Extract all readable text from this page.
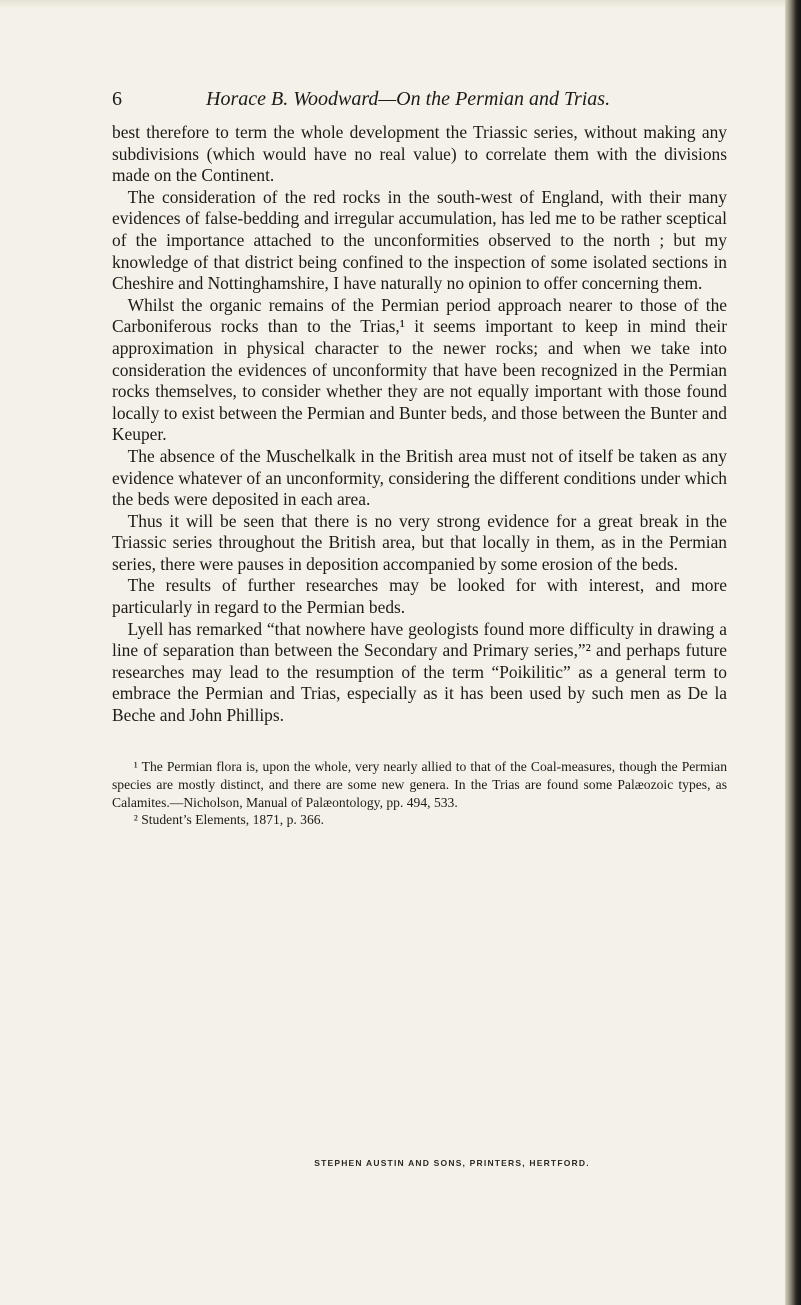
6	Horace B. Woodward—On the Permian and Trias.

best therefore to term the whole development the Triassic series, without making any subdivisions (which would have no real value) to correlate them with the divisions made on the Continent.

The consideration of the red rocks in the south-west of England, with their many evidences of false-bedding and irregular accumulation, has led me to be rather sceptical of the importance attached to the unconformities observed to the north ; but my knowledge of that district being confined to the inspection of some isolated sections in Cheshire and Nottinghamshire, I have naturally no opinion to offer concerning them.

Whilst the organic remains of the Permian period approach nearer to those of the Carboniferous rocks than to the Trias,¹ it seems important to keep in mind their approximation in physical character to the newer rocks; and when we take into consideration the evidences of unconformity that have been recognized in the Permian rocks themselves, to consider whether they are not equally important with those found locally to exist between the Permian and Bunter beds, and those between the Bunter and Keuper.

The absence of the Muschelkalk in the British area must not of itself be taken as any evidence whatever of an unconformity, considering the different conditions under which the beds were deposited in each area.

Thus it will be seen that there is no very strong evidence for a great break in the Triassic series throughout the British area, but that locally in them, as in the Permian series, there were pauses in deposition accompanied by some erosion of the beds.

The results of further researches may be looked for with interest, and more particularly in regard to the Permian beds.

Lyell has remarked “that nowhere have geologists found more difficulty in drawing a line of separation than between the Secondary and Primary series,”² and perhaps future researches may lead to the resumption of the term “Poikilitic” as a general term to embrace the Permian and Trias, especially as it has been used by such men as De la Beche and John Phillips.

¹ The Permian flora is, upon the whole, very nearly allied to that of the Coal-measures, though the Permian species are mostly distinct, and there are some new genera. In the Trias are found some Palæozoic types, as Calamites.—Nicholson, Manual of Palæontology, pp. 494, 533.

² Student’s Elements, 1871, p. 366.

STEPHEN AUSTIN AND SONS, PRINTERS, HERTFORD.
